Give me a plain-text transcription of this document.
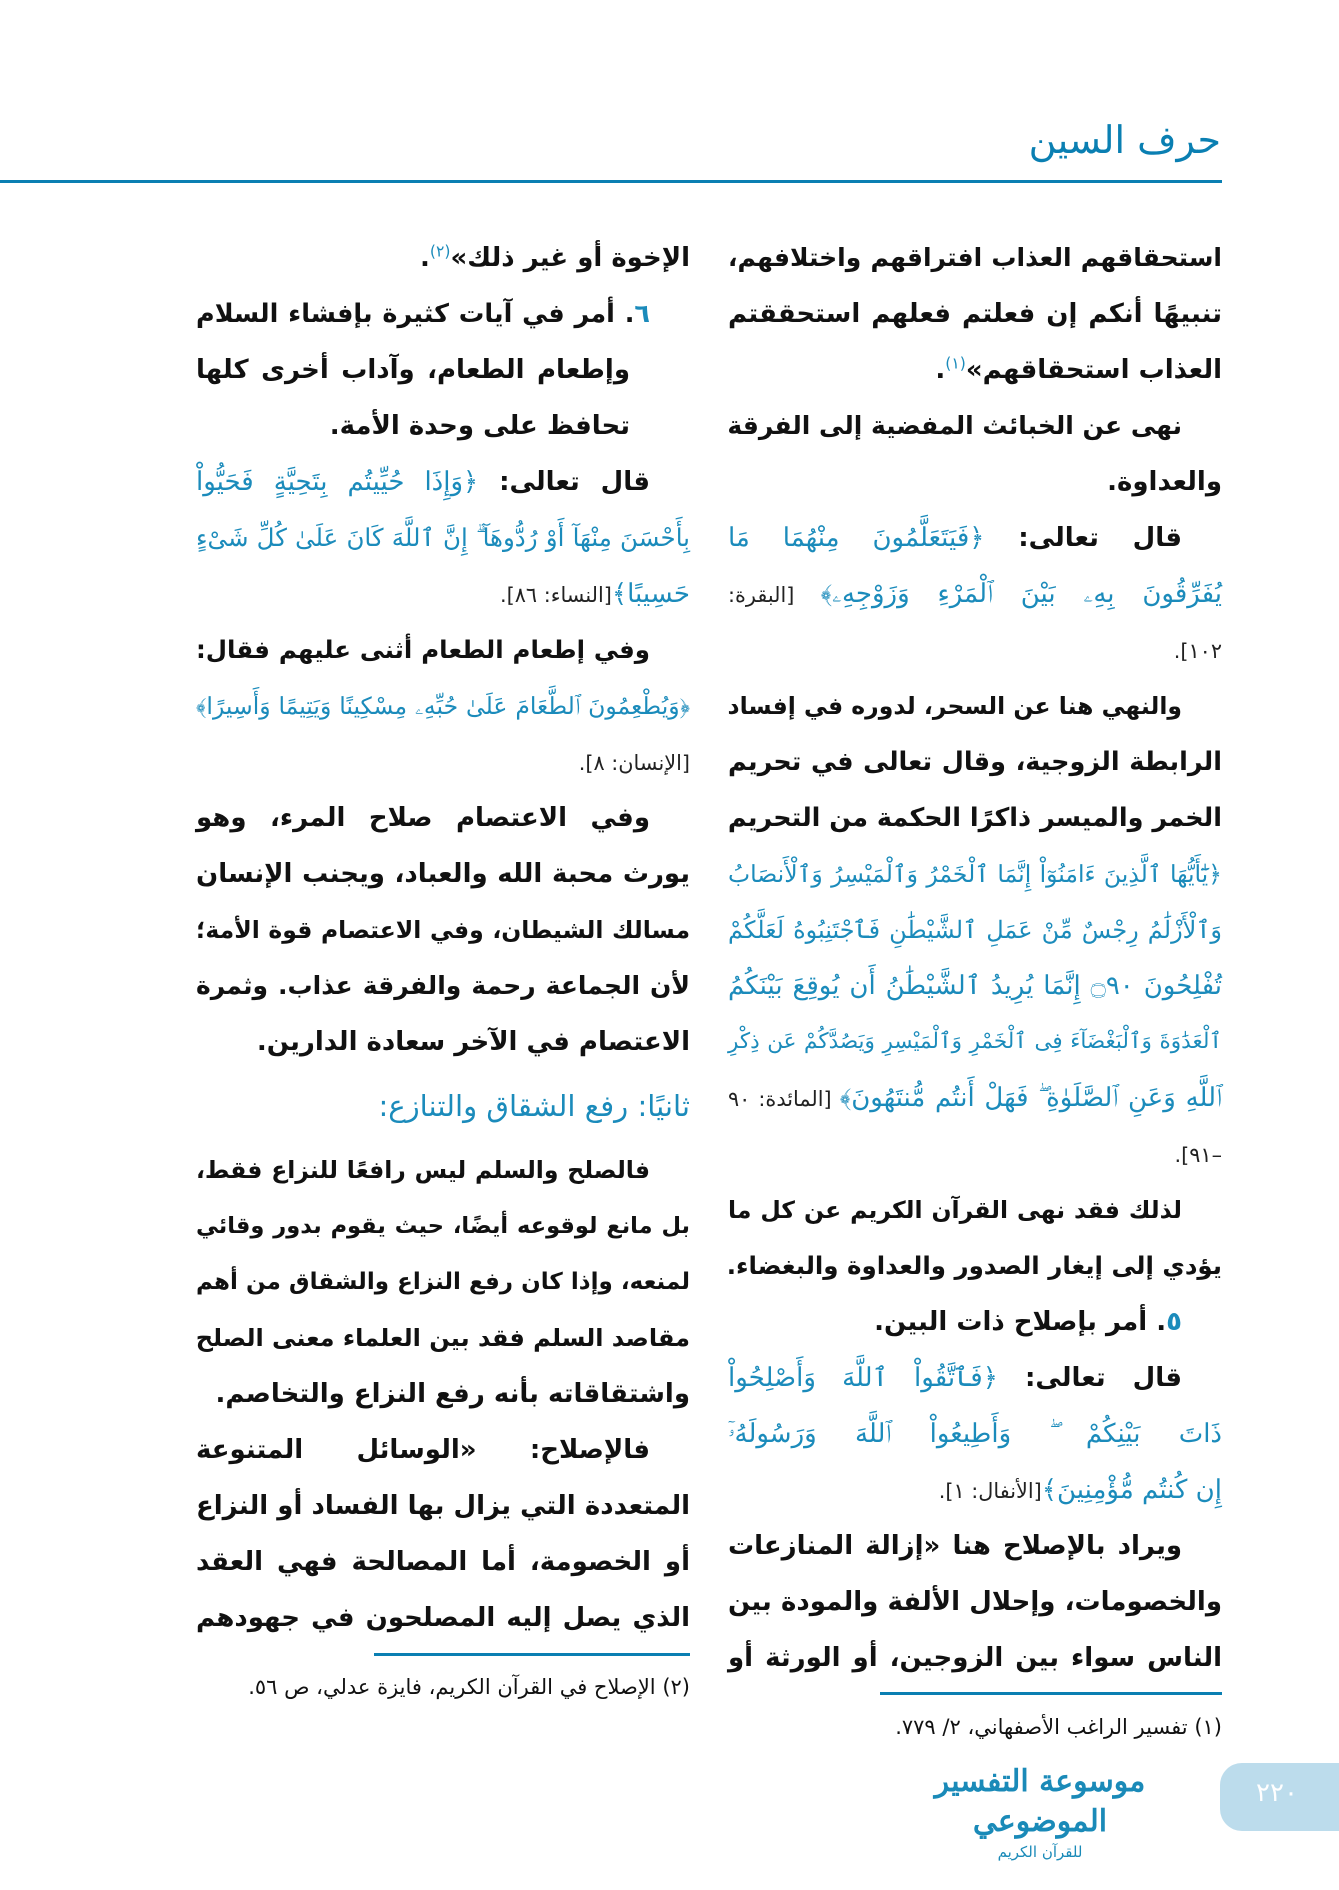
حرف السين
استحقاقهم العذاب افتراقهم واختلافهم،
تنبيهًا أنكم إن فعلتم فعلهم استحققتم
العذاب استحقاقهم»$^{(١)}$.
نهى عن الخبائث المفضية إلى الفرقة
والعداوة.
قال تعالى: ﴿فَيَتَعَلَّمُونَ مِنْهُمَا مَا
يُفَرِّقُونَ بِهِۦ بَيْنَ ٱلْمَرْءِ وَزَوْجِهِۦ﴾ [البقرة:
١٠٢].
والنهي هنا عن السحر، لدوره في إفساد
الرابطة الزوجية، وقال تعالى في تحريم
الخمر والميسر ذاكرًا الحكمة من التحريم
﴿يَٰٓأَيُّهَا ٱلَّذِينَ ءَامَنُوٓاْ إِنَّمَا ٱلْخَمْرُ وَٱلْمَيْسِرُ وَٱلْأَنصَابُ
وَٱلْأَزْلَٰمُ رِجْسٌ مِّنْ عَمَلِ ٱلشَّيْطَٰنِ فَٱجْتَنِبُوهُ لَعَلَّكُمْ
تُفْلِحُونَ ۝٩٠ إِنَّمَا يُرِيدُ ٱلشَّيْطَٰنُ أَن يُوقِعَ بَيْنَكُمُ
ٱلْعَدَٰوَةَ وَٱلْبَغْضَآءَ فِى ٱلْخَمْرِ وَٱلْمَيْسِرِ وَيَصُدَّكُمْ عَن ذِكْرِ
ٱللَّهِ وَعَنِ ٱلصَّلَوٰةِ ۖ فَهَلْ أَنتُم مُّنتَهُونَ﴾ [المائدة: ٩٠
–٩١].
لذلك فقد نهى القرآن الكريم عن كل ما
يؤدي إلى إيغار الصدور والعداوة والبغضاء.
٥. أمر بإصلاح ذات البين.
قال تعالى: ﴿فَٱتَّقُواْ ٱللَّهَ وَأَصْلِحُواْ
ذَاتَ بَيْنِكُمْ ۖ وَأَطِيعُواْ ٱللَّهَ وَرَسُولَهُۥٓ
إِن كُنتُم مُّؤْمِنِينَ﴾[الأنفال: ١].
ويراد بالإصلاح هنا «إزالة المنازعات
والخصومات، وإحلال الألفة والمودة بين
الناس سواء بين الزوجين، أو الورثة أو
الإخوة أو غير ذلك»$^{(٢)}$.
٦. أمر في آيات كثيرة بإفشاء السلام
وإطعام الطعام، وآداب أخرى كلها
تحافظ على وحدة الأمة.
قال تعالى: ﴿وَإِذَا حُيِّيتُم بِتَحِيَّةٍ فَحَيُّواْ
بِأَحْسَنَ مِنْهَآ أَوْ رُدُّوهَآ ۗ إِنَّ ٱللَّهَ كَانَ عَلَىٰ كُلِّ شَىْءٍ
حَسِيبًا﴾[النساء: ٨٦].
وفي إطعام الطعام أثنى عليهم فقال:
﴿وَيُطْعِمُونَ ٱلطَّعَامَ عَلَىٰ حُبِّهِۦ مِسْكِينًا وَيَتِيمًا وَأَسِيرًا﴾
[الإنسان: ٨].
وفي الاعتصام صلاح المرء، وهو
يورث محبة الله والعباد، ويجنب الإنسان
مسالك الشيطان، وفي الاعتصام قوة الأمة؛
لأن الجماعة رحمة والفرقة عذاب. وثمرة
الاعتصام في الآخر سعادة الدارين.
ثانيًا: رفع الشقاق والتنازع:
فالصلح والسلم ليس رافعًا للنزاع فقط،
بل مانع لوقوعه أيضًا، حيث يقوم بدور وقائي
لمنعه، وإذا كان رفع النزاع والشقاق من أهم
مقاصد السلم فقد بين العلماء معنى الصلح
واشتقاقاته بأنه رفع النزاع والتخاصم.
فالإصلاح: «الوسائل المتنوعة
المتعددة التي يزال بها الفساد أو النزاع
أو الخصومة، أما المصالحة فهي العقد
الذي يصل إليه المصلحون في جهودهم
(١) تفسير الراغب الأصفهاني، ٢/ ٧٧٩.
(٢) الإصلاح في القرآن الكريم، فايزة عدلي، ص ٥٦.
موسوعة التفسير الموضوعي
للقرآن الكريم
٢٢٠
